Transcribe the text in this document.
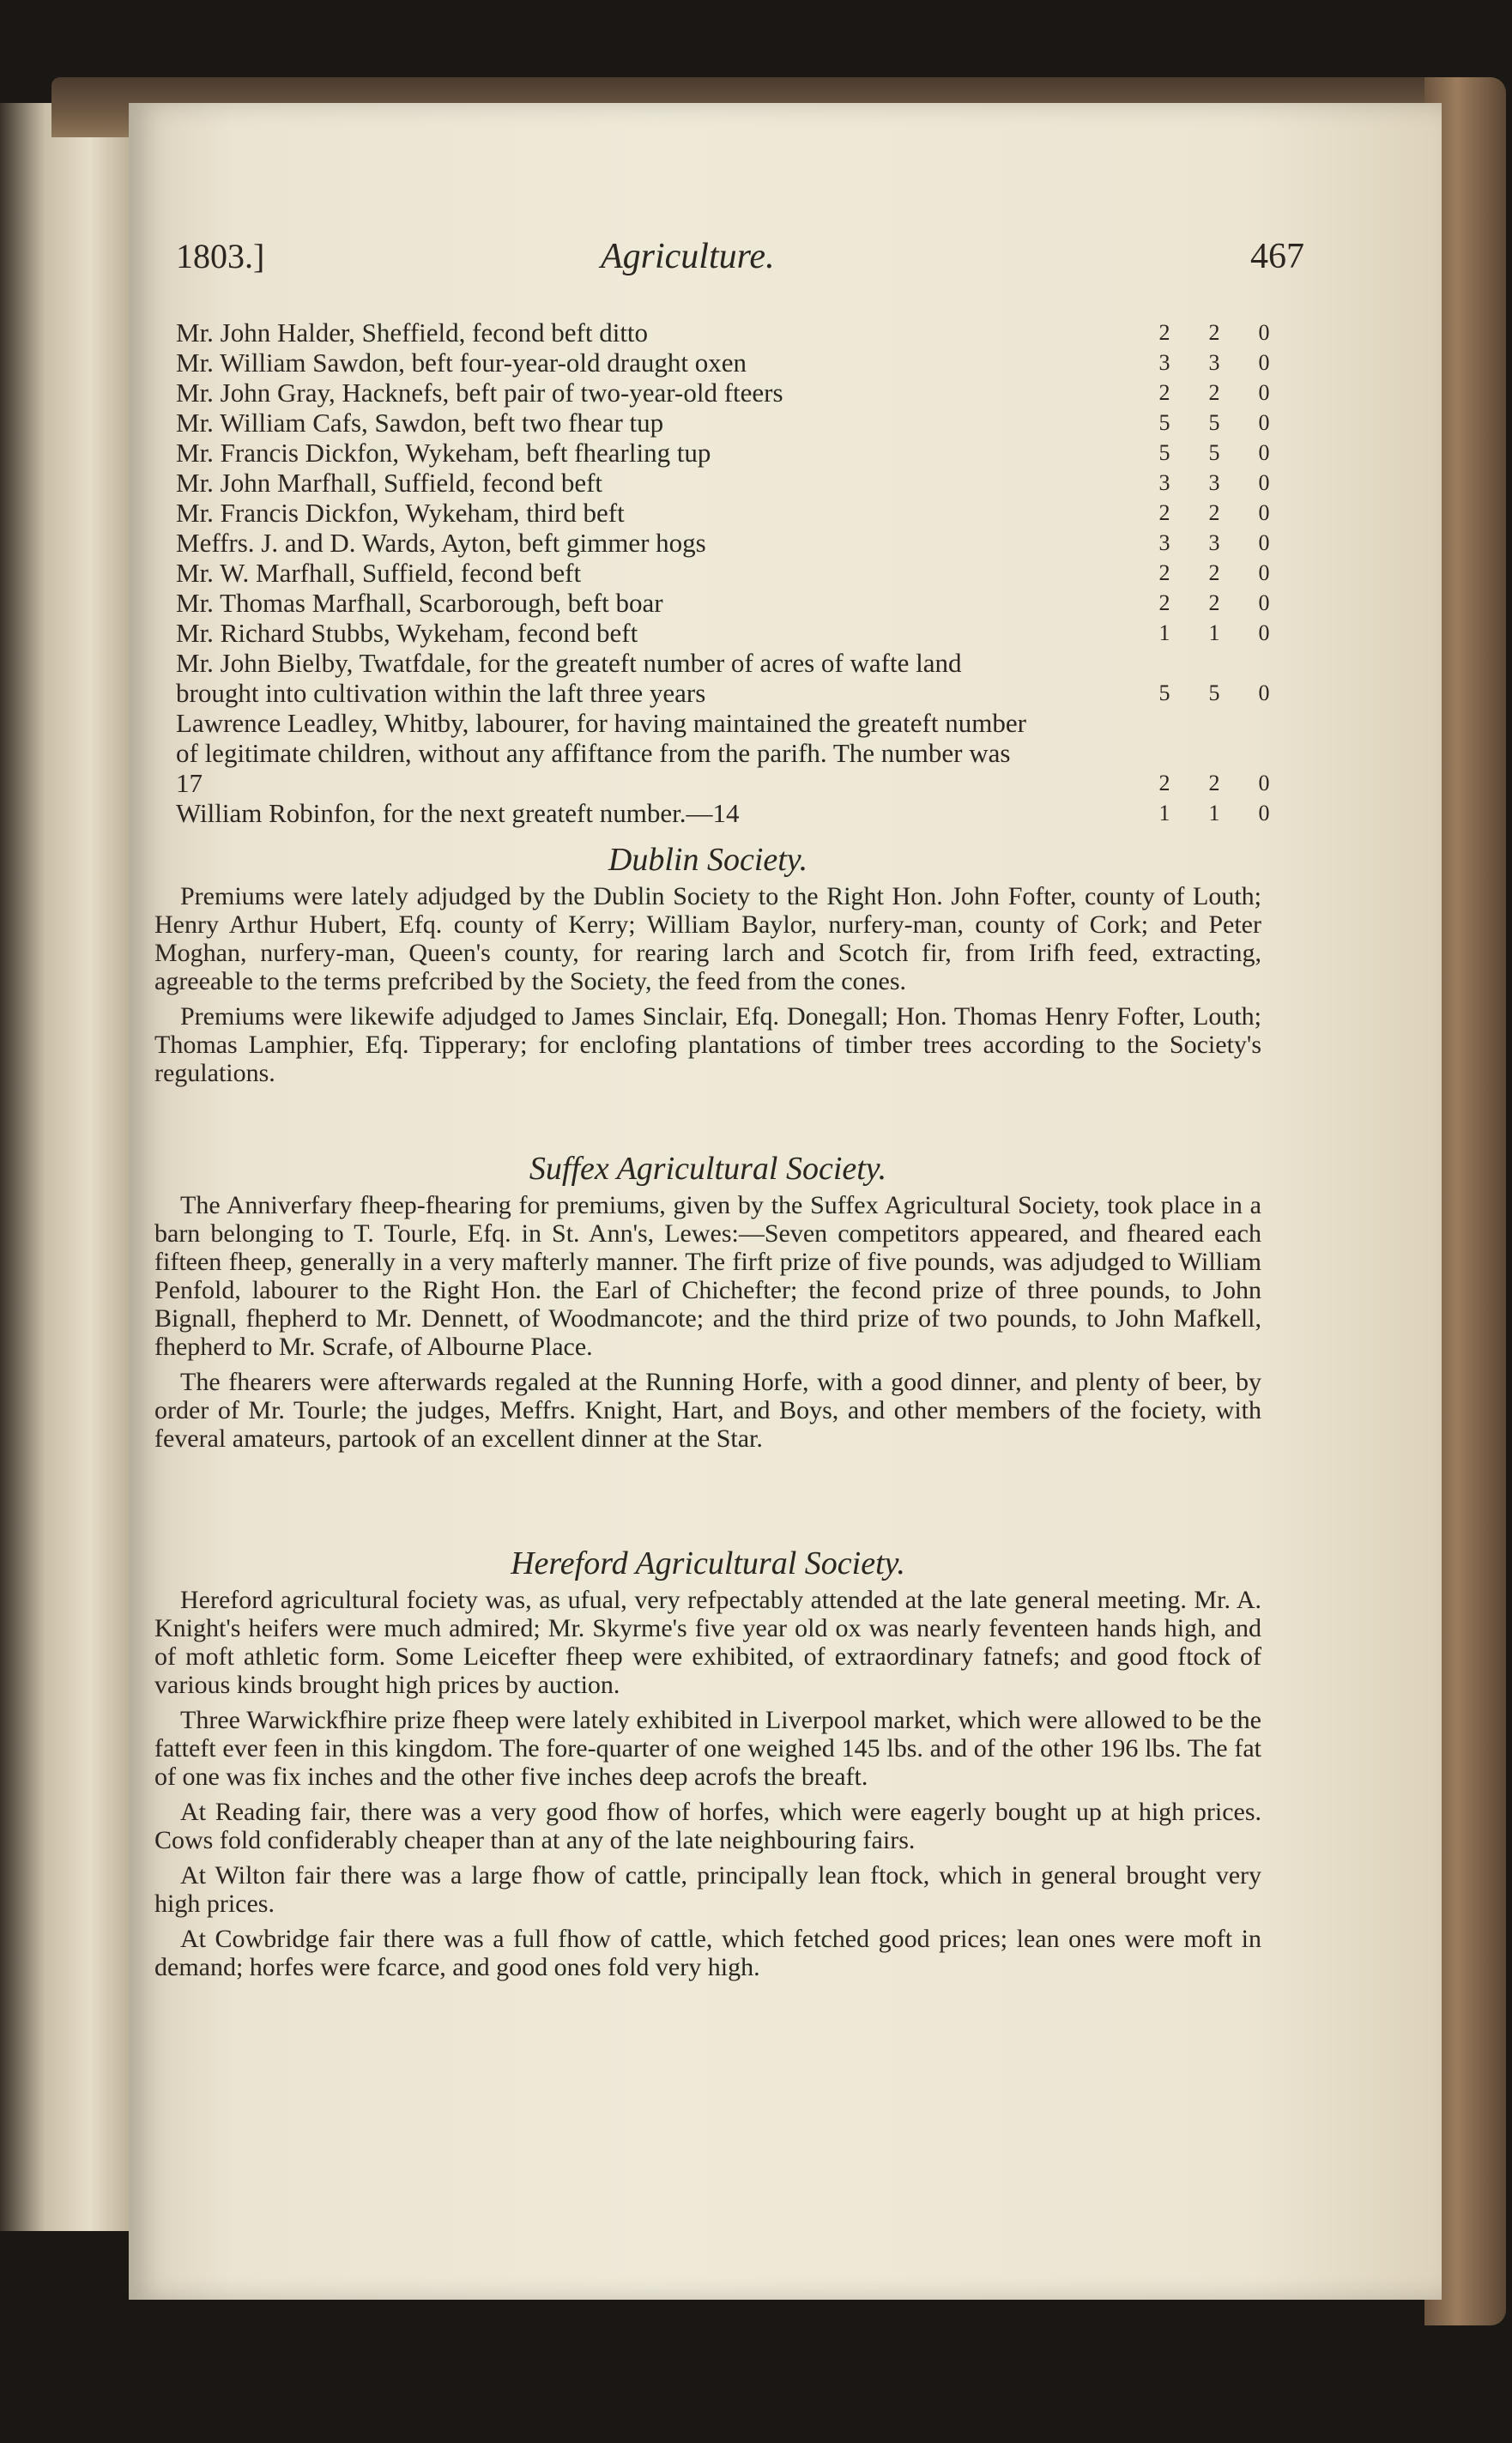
1803.]	Agriculture.	467
Mr. John Halder, Sheffield, fecond beft ditto	2	2	0
Mr. William Sawdon, beft four-year-old draught oxen	3	3	0
Mr. John Gray, Hacknefs, beft pair of two-year-old fteers	2	2	0
Mr. William Cafs, Sawdon, beft two fhear tup	5	5	0
Mr. Francis Dickfon, Wykeham, beft fhearling tup	5	5	0
Mr. John Marfhall, Suffield, fecond beft	3	3	0
Mr. Francis Dickfon, Wykeham, third beft	2	2	0
Meffrs. J. and D. Wards, Ayton, beft gimmer hogs	3	3	0
Mr. W. Marfhall, Suffield, fecond beft	2	2	0
Mr. Thomas Marfhall, Scarborough, beft boar	2	2	0
Mr. Richard Stubbs, Wykeham, fecond beft	1	1	0
Mr. John Bielby, Twatfdale, for the greateft number of acres of wafte land brought into cultivation within the laft three years	5	5	0
Lawrence Leadley, Whitby, labourer, for having maintained the greateft number of legitimate children, without any affiftance from the parifh. The number was 17	2	2	0
William Robinfon, for the next greateft number.—14	1	1	0
Dublin Society.

Premiums were lately adjudged by the Dublin Society to the Right Hon. John Fofter, county of Louth; Henry Arthur Hubert, Efq. county of Kerry; William Baylor, nurfery-man, county of Cork; and Peter Moghan, nurfery-man, Queen's county, for rearing larch and Scotch fir, from Irifh feed, extracting, agreeable to the terms prefcribed by the Society, the feed from the cones.

Premiums were likewife adjudged to James Sinclair, Efq. Donegall; Hon. Thomas Henry Fofter, Louth; Thomas Lamphier, Efq. Tipperary; for enclofing plantations of timber trees according to the Society's regulations.

Suffex Agricultural Society.

The Anniverfary fheep-fhearing for premiums, given by the Suffex Agricultural Society, took place in a barn belonging to T. Tourle, Efq. in St. Ann's, Lewes:—Seven competitors appeared, and fheared each fifteen fheep, generally in a very mafterly manner. The firft prize of five pounds, was adjudged to William Penfold, labourer to the Right Hon. the Earl of Chichefter; the fecond prize of three pounds, to John Bignall, fhepherd to Mr. Dennett, of Woodmancote; and the third prize of two pounds, to John Mafkell, fhepherd to Mr. Scrafe, of Albourne Place.

The fhearers were afterwards regaled at the Running Horfe, with a good dinner, and plenty of beer, by order of Mr. Tourle; the judges, Meffrs. Knight, Hart, and Boys, and other members of the fociety, with feveral amateurs, partook of an excellent dinner at the Star.

Hereford Agricultural Society.

Hereford agricultural fociety was, as ufual, very refpectably attended at the late general meeting. Mr. A. Knight's heifers were much admired; Mr. Skyrme's five year old ox was nearly feventeen hands high, and of moft athletic form. Some Leicefter fheep were exhibited, of extraordinary fatnefs; and good ftock of various kinds brought high prices by auction.

Three Warwickfhire prize fheep were lately exhibited in Liverpool market, which were allowed to be the fatteft ever feen in this kingdom. The fore-quarter of one weighed 145 lbs. and of the other 196 lbs. The fat of one was fix inches and the other five inches deep acrofs the breaft.

At Reading fair, there was a very good fhow of horfes, which were eagerly bought up at high prices. Cows fold confiderably cheaper than at any of the late neighbouring fairs.

At Wilton fair there was a large fhow of cattle, principally lean ftock, which in general brought very high prices.

At Cowbridge fair there was a full fhow of cattle, which fetched good prices; lean ones were moft in demand; horfes were fcarce, and good ones fold very high.
